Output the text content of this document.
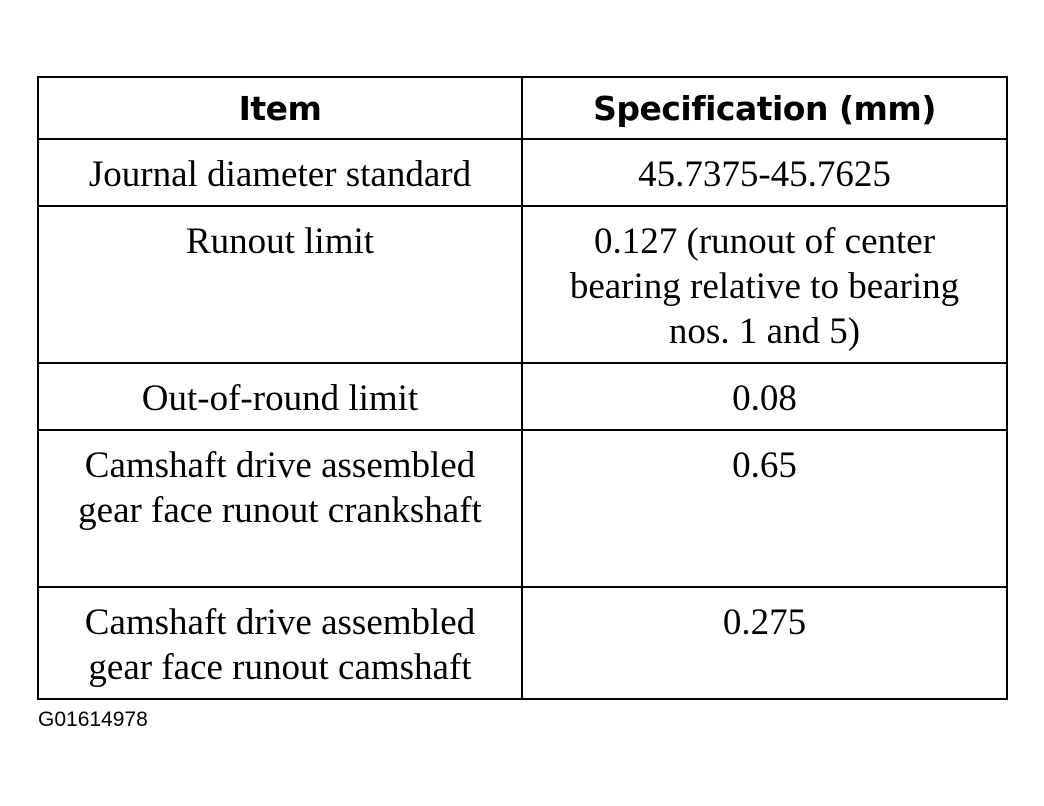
Item	Specification (mm)
Journal diameter standard	45.7375-45.7625
Runout limit	0.127 (runout of center bearing relative to bearing nos. 1 and 5)
Out-of-round limit	0.08
Camshaft drive assembled gear face runout crankshaft	0.65
Camshaft drive assembled gear face runout camshaft	0.275
G01614978
